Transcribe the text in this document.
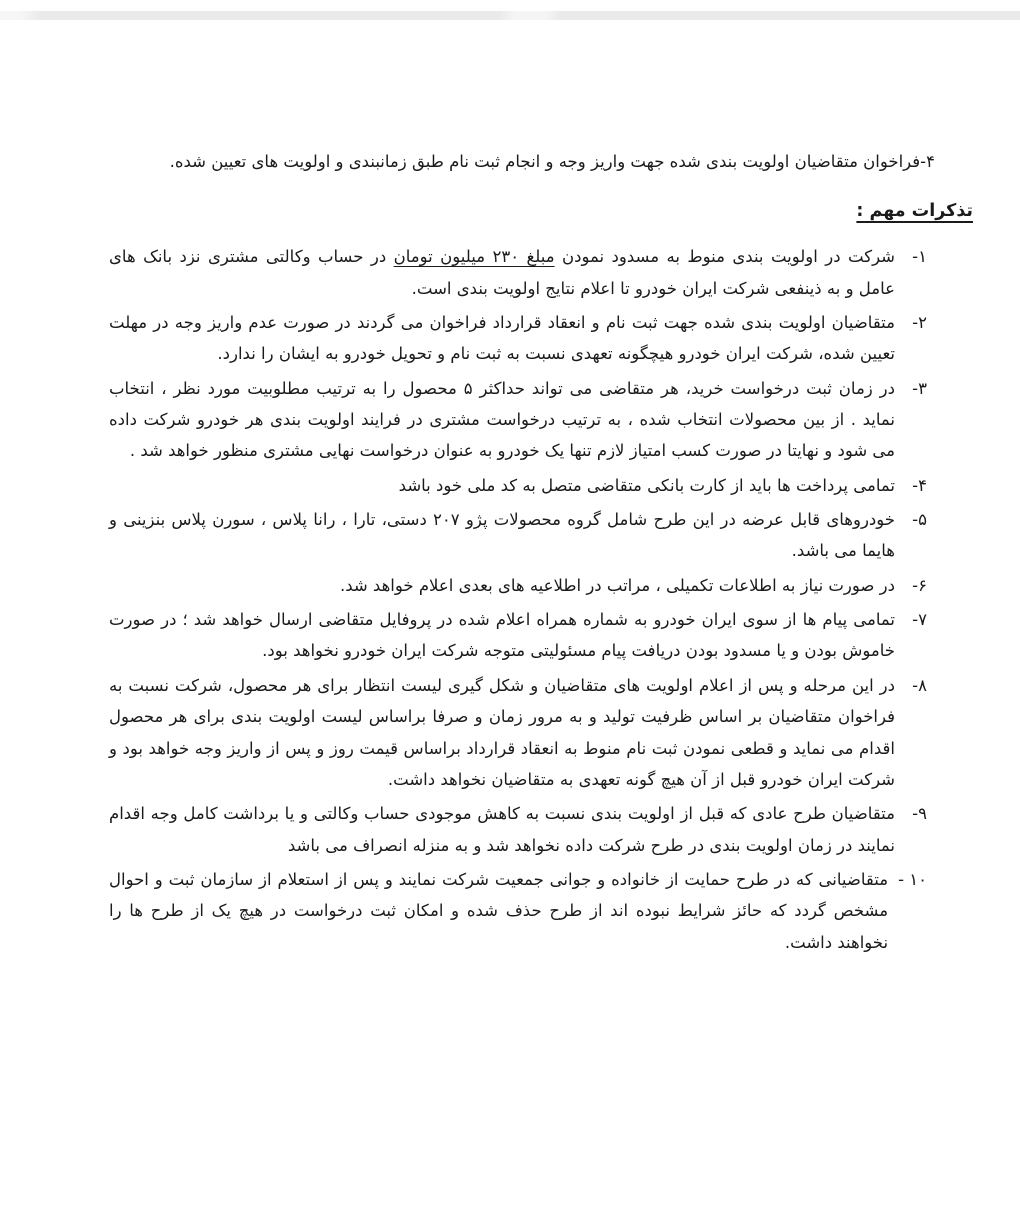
۴-فراخوان متقاضیان اولویت بندی شده جهت واریز وجه و انجام ثبت نام طبق زمانبندی و اولویت های تعیین شده.

تذکرات مهم :
۱-
شرکت در اولویت بندی منوط به مسدود نمودن مبلغ ۲۳۰ میلیون تومان در حساب وکالتی مشتری نزد بانک های عامل و به ذینفعی شرکت ایران خودرو تا اعلام نتایج اولویت بندی است.
۲-
متقاضیان اولویت بندی شده جهت ثبت نام و انعقاد قرارداد فراخوان می گردند در صورت عدم واریز وجه در مهلت تعیین شده، شرکت ایران خودرو هیچگونه تعهدی نسبت به ثبت نام و تحویل خودرو به ایشان را ندارد.
۳-
در زمان ثبت درخواست خرید، هر متقاضی می تواند حداکثر ۵ محصول را به ترتیب مطلوبیت مورد نظر ، انتخاب نماید . از بین محصولات انتخاب شده ، به ترتیب درخواست مشتری در فرایند اولویت بندی هر خودرو شرکت داده می شود و نهایتا در صورت کسب امتیاز لازم تنها یک خودرو به عنوان درخواست نهایی مشتری منظور خواهد شد .
۴-
تمامی پرداخت ها باید از کارت بانکی متقاضی متصل به کد ملی خود باشد
۵-
خودروهای قابل عرضه در این طرح شامل گروه محصولات پژو ۲۰۷ دستی، تارا ، رانا پلاس ، سورن پلاس بنزینی و هایما می باشد.
۶-
در صورت نیاز به اطلاعات تکمیلی ، مراتب در اطلاعیه های بعدی اعلام خواهد شد.
۷-
تمامی پیام ها از سوی ایران خودرو به شماره همراه اعلام شده در پروفایل متقاضی ارسال خواهد شد ؛ در صورت خاموش بودن و یا مسدود بودن دریافت پیام مسئولیتی متوجه شرکت ایران خودرو نخواهد بود.
۸-
در این مرحله و پس از اعلام اولویت های متقاضیان و شکل گیری لیست انتظار برای هر محصول، شرکت نسبت به فراخوان متقاضیان بر اساس ظرفیت تولید و به مرور زمان و صرفا براساس لیست اولویت بندی برای هر محصول اقدام می نماید و قطعی نمودن ثبت نام منوط به انعقاد قرارداد براساس قیمت روز و پس از واریز وجه خواهد بود و شرکت ایران خودرو قبل از آن هیچ گونه تعهدی به متقاضیان نخواهد داشت.
۹-
متقاضیان طرح عادی که قبل از اولویت بندی نسبت به کاهش موجودی حساب وکالتی و یا برداشت کامل وجه اقدام نمایند در زمان اولویت بندی در طرح شرکت داده نخواهد شد و به منزله انصراف می باشد
۱۰ -
متقاضیانی که در طرح حمایت از خانواده و جوانی جمعیت شرکت نمایند و پس از استعلام از سازمان ثبت و احوال مشخص گردد که حائز شرایط نبوده اند از طرح حذف شده و امکان ثبت درخواست در هیچ یک از طرح ها را نخواهند داشت.
